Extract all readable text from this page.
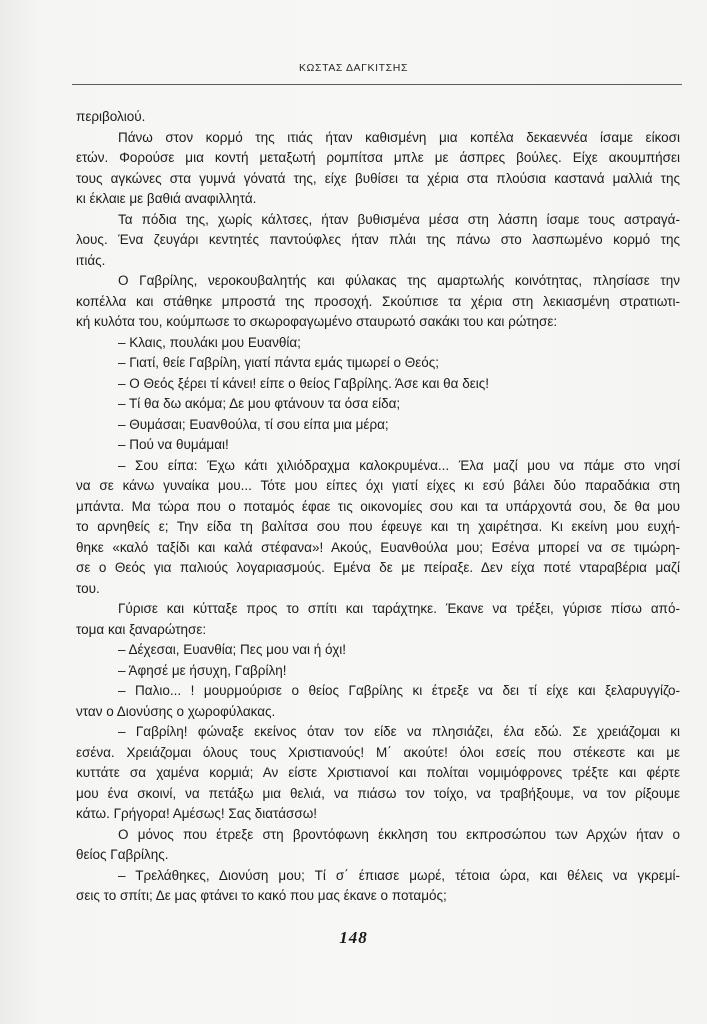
ΚΩΣΤΑΣ ΔΑΓΚΙΤΣΗΣ
περιβολιού.
Πάνω στον κορμό της ιτιάς ήταν καθισμένη μια κοπέλα δεκαεννέα ίσαμε είκοσι
ετών. Φορούσε μια κοντή μεταξωτή ρομπίτσα μπλε με άσπρες βούλες. Είχε ακουμπήσει
τους αγκώνες στα γυμνά γόνατά της, είχε βυθίσει τα χέρια στα πλούσια καστανά μαλλιά της
κι έκλαιε με βαθιά αναφιλλητά.
Τα πόδια της, χωρίς κάλτσες, ήταν βυθισμένα μέσα στη λάσπη ίσαμε τους αστραγά-
λους. Ένα ζευγάρι κεντητές παντούφλες ήταν πλάι της πάνω στο λασπωμένο κορμό της
ιτιάς.
Ο Γαβρίλης, νεροκουβαλητής και φύλακας της αμαρτωλής κοινότητας, πλησίασε την
κοπέλλα και στάθηκε μπροστά της προσοχή. Σκούπισε τα χέρια στη λεκιασμένη στρατιωτι-
κή κυλότα του, κούμπωσε το σκωροφαγωμένο σταυρωτό σακάκι του και ρώτησε:
– Κλαις, πουλάκι μου Ευανθία;
– Γιατί, θείε Γαβρίλη, γιατί πάντα εμάς τιμωρεί ο Θεός;
– Ο Θεός ξέρει τί κάνει! είπε ο θείος Γαβρίλης. Άσε και θα δεις!
– Τί θα δω ακόμα; Δε μου φτάνουν τα όσα είδα;
– Θυμάσαι; Ευανθούλα, τί σου είπα μια μέρα;
– Πού να θυμάμαι!
– Σου είπα: Έχω κάτι χιλιόδραχμα καλοκρυμένα... Έλα μαζί μου να πάμε στο νησί
να σε κάνω γυναίκα μου... Τότε μου είπες όχι γιατί είχες κι εσύ βάλει δύο παραδάκια στη
μπάντα. Μα τώρα που ο ποταμός έφαε τις οικονομίες σου και τα υπάρχοντά σου, δε θα μου
το αρνηθείς ε; Την είδα τη βαλίτσα σου που έφευγε και τη χαιρέτησα. Κι εκείνη μου ευχή-
θηκε «καλό ταξίδι και καλά στέφανα»! Ακούς, Ευανθούλα μου; Εσένα μπορεί να σε τιμώρη-
σε ο Θεός για παλιούς λογαριασμούς. Εμένα δε με πείραξε. Δεν είχα ποτέ νταραβέρια μαζί
του.
Γύρισε και κύτταξε προς το σπίτι και ταράχτηκε. Έκανε να τρέξει, γύρισε πίσω από-
τομα και ξαναρώτησε:
– Δέχεσαι, Ευανθία; Πες μου ναι ή όχι!
– Άφησέ με ήσυχη, Γαβρίλη!
– Παλιο... ! μουρμούρισε ο θείος Γαβρίλης κι έτρεξε να δει τί είχε και ξελαρυγγίζο-
νταν ο Διονύσης ο χωροφύλακας.
– Γαβρίλη! φώναξε εκείνος όταν τον είδε να πλησιάζει, έλα εδώ. Σε χρειάζομαι κι
εσένα. Χρειάζομαι όλους τους Χριστιανούς! Μ΄ ακούτε! όλοι εσείς που στέκεστε και με
κυττάτε σα χαμένα κορμιά; Αν είστε Χριστιανοί και πολίται νομιμόφρονες τρέξτε και φέρτε
μου ένα σκοινί, να πετάξω μια θελιά, να πιάσω τον τοίχο, να τραβήξουμε, να τον ρίξουμε
κάτω. Γρήγορα! Αμέσως! Σας διατάσσω!
Ο μόνος που έτρεξε στη βροντόφωνη έκκληση του εκπροσώπου των Αρχών ήταν ο
θείος Γαβρίλης.
– Τρελάθηκες, Διονύση μου; Τί σ΄ έπιασε μωρέ, τέτοια ώρα, και θέλεις να γκρεμί-
σεις το σπίτι; Δε μας φτάνει το κακό που μας έκανε ο ποταμός;
148
